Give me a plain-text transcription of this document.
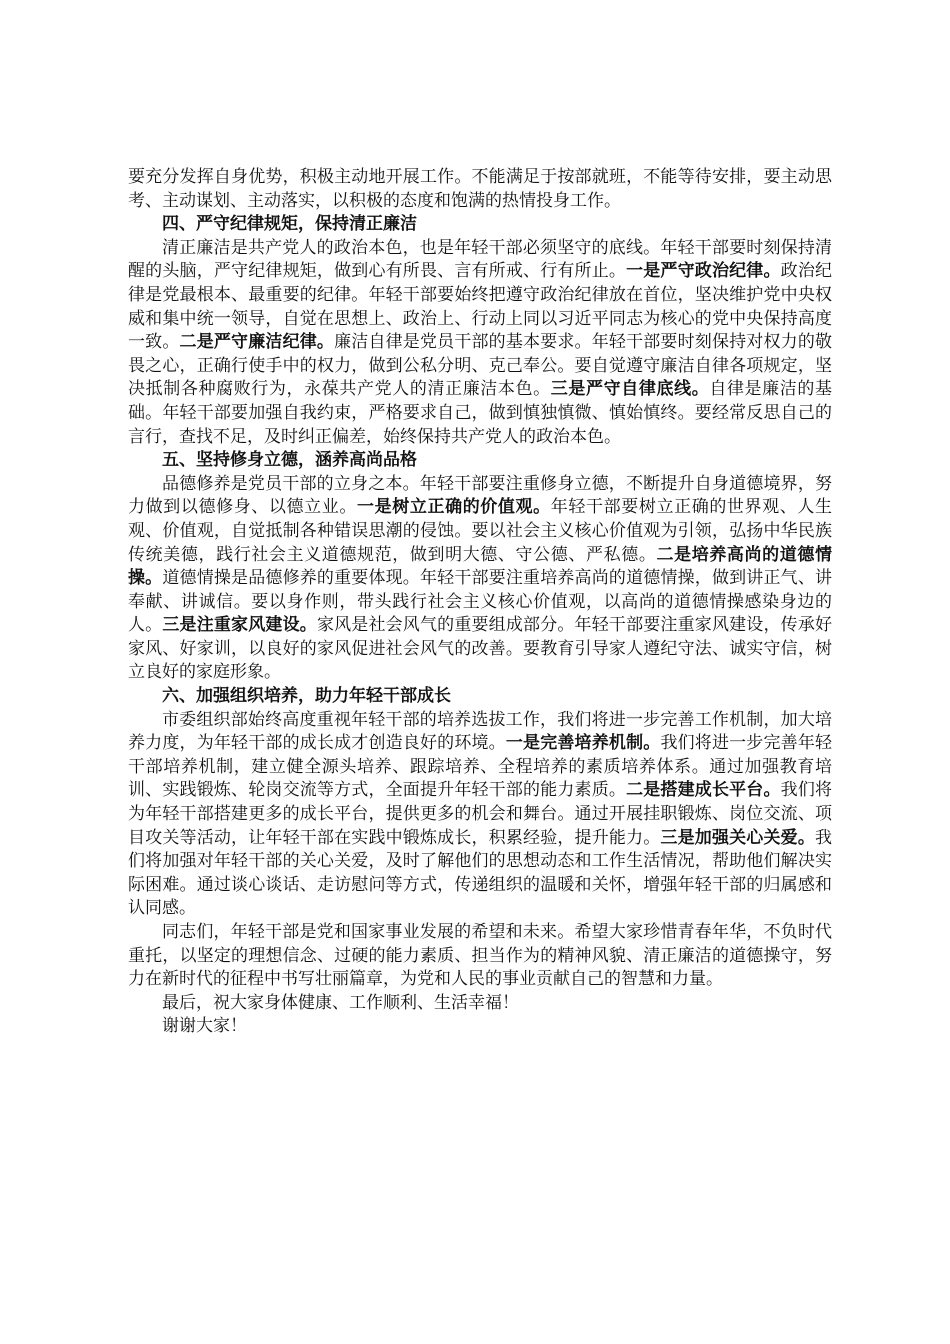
要充分发挥自身优势，积极主动地开展工作。不能满足于按部就班，不能等待安排，要主动思考、主动谋划、主动落实，以积极的态度和饱满的热情投身工作。

四、严守纪律规矩，保持清正廉洁

清正廉洁是共产党人的政治本色，也是年轻干部必须坚守的底线。年轻干部要时刻保持清醒的头脑，严守纪律规矩，做到心有所畏、言有所戒、行有所止。一是严守政治纪律。政治纪律是党最根本、最重要的纪律。年轻干部要始终把遵守政治纪律放在首位，坚决维护党中央权威和集中统一领导，自觉在思想上、政治上、行动上同以习近平同志为核心的党中央保持高度一致。二是严守廉洁纪律。廉洁自律是党员干部的基本要求。年轻干部要时刻保持对权力的敬畏之心，正确行使手中的权力，做到公私分明、克己奉公。要自觉遵守廉洁自律各项规定，坚决抵制各种腐败行为，永葆共产党人的清正廉洁本色。三是严守自律底线。自律是廉洁的基础。年轻干部要加强自我约束，严格要求自己，做到慎独慎微、慎始慎终。要经常反思自己的言行，查找不足，及时纠正偏差，始终保持共产党人的政治本色。

五、坚持修身立德，涵养高尚品格

品德修养是党员干部的立身之本。年轻干部要注重修身立德，不断提升自身道德境界，努力做到以德修身、以德立业。一是树立正确的价值观。年轻干部要树立正确的世界观、人生观、价值观，自觉抵制各种错误思潮的侵蚀。要以社会主义核心价值观为引领，弘扬中华民族传统美德，践行社会主义道德规范，做到明大德、守公德、严私德。二是培养高尚的道德情操。道德情操是品德修养的重要体现。年轻干部要注重培养高尚的道德情操，做到讲正气、讲奉献、讲诚信。要以身作则，带头践行社会主义核心价值观，以高尚的道德情操感染身边的人。三是注重家风建设。家风是社会风气的重要组成部分。年轻干部要注重家风建设，传承好家风、好家训，以良好的家风促进社会风气的改善。要教育引导家人遵纪守法、诚实守信，树立良好的家庭形象。

六、加强组织培养，助力年轻干部成长

市委组织部始终高度重视年轻干部的培养选拔工作，我们将进一步完善工作机制，加大培养力度，为年轻干部的成长成才创造良好的环境。一是完善培养机制。我们将进一步完善年轻干部培养机制，建立健全源头培养、跟踪培养、全程培养的素质培养体系。通过加强教育培训、实践锻炼、轮岗交流等方式，全面提升年轻干部的能力素质。二是搭建成长平台。我们将为年轻干部搭建更多的成长平台，提供更多的机会和舞台。通过开展挂职锻炼、岗位交流、项目攻关等活动，让年轻干部在实践中锻炼成长，积累经验，提升能力。三是加强关心关爱。我们将加强对年轻干部的关心关爱，及时了解他们的思想动态和工作生活情况，帮助他们解决实际困难。通过谈心谈话、走访慰问等方式，传递组织的温暖和关怀，增强年轻干部的归属感和认同感。

同志们，年轻干部是党和国家事业发展的希望和未来。希望大家珍惜青春年华，不负时代重托，以坚定的理想信念、过硬的能力素质、担当作为的精神风貌、清正廉洁的道德操守，努力在新时代的征程中书写壮丽篇章，为党和人民的事业贡献自己的智慧和力量。

最后，祝大家身体健康、工作顺利、生活幸福！

谢谢大家！
